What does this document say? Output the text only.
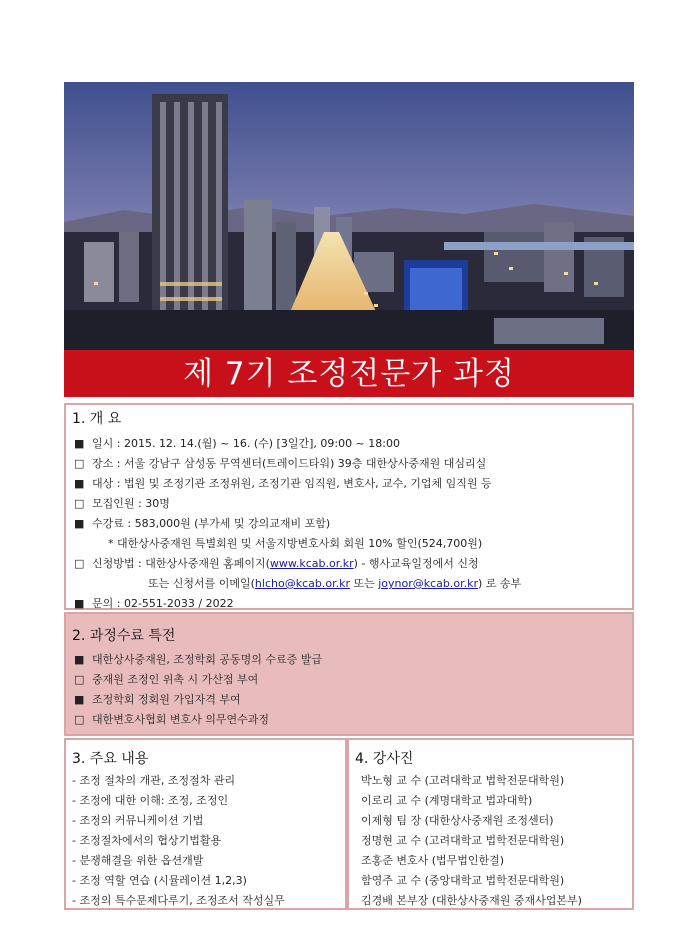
제 7기 조정전문가 과정
1. 개 요
■ 일시 : 2015. 12. 14.(월) ~ 16. (수) [3일간], 09:00 ~ 18:00
□ 장소 : 서울 강남구 삼성동 무역센터(트레이드타워) 39층 대한상사중재원 대심리실
■ 대상 : 법원 및 조정기관 조정위원, 조정기관 임직원, 변호사, 교수, 기업체 임직원 등
□ 모집인원 : 30명
■ 수강료 : 583,000원 (부가세 및 강의교재비 포함)
* 대한상사중재원 특별회원 및 서울지방변호사회 회원 10% 할인(524,700원)
□ 신청방법 : 대한상사중재원 홈페이지(www.kcab.or.kr) - 행사교육일정에서 신청
또는 신청서를 이메일(hlcho@kcab.or.kr 또는 joynor@kcab.or.kr) 로 송부
■ 문의 : 02-551-2033 / 2022
2. 과정수료 특전
■ 대한상사중재원, 조정학회 공동명의 수료증 발급
□ 중재원 조정인 위촉 시 가산점 부여
■ 조정학회 정회원 가입자격 부여
□ 대한변호사협회 변호사 의무연수과정
3. 주요 내용
- 조정 절차의 개관, 조정절차 관리
- 조정에 대한 이해: 조정, 조정인
- 조정의 커뮤니케이션 기법
- 조정절차에서의 협상기법활용
- 분쟁해결을 위한 옵션개발
- 조정 역할 연습 (시뮬레이션 1,2,3)
- 조정의 특수문제다루기, 조정조서 작성실무
4. 강사진
박노형 교 수 (고려대학교 법학전문대학원)
이로리 교 수 (계명대학교 법과대학)
이제형 팀 장 (대한상사중재원 조정센터)
정명현 교 수 (고려대학교 법학전문대학원)
조홍준 변호사 (법무법인한결)
함영주 교 수 (중앙대학교 법학전문대학원)
김경배 본부장 (대한상사중재원 중재사업본부)
